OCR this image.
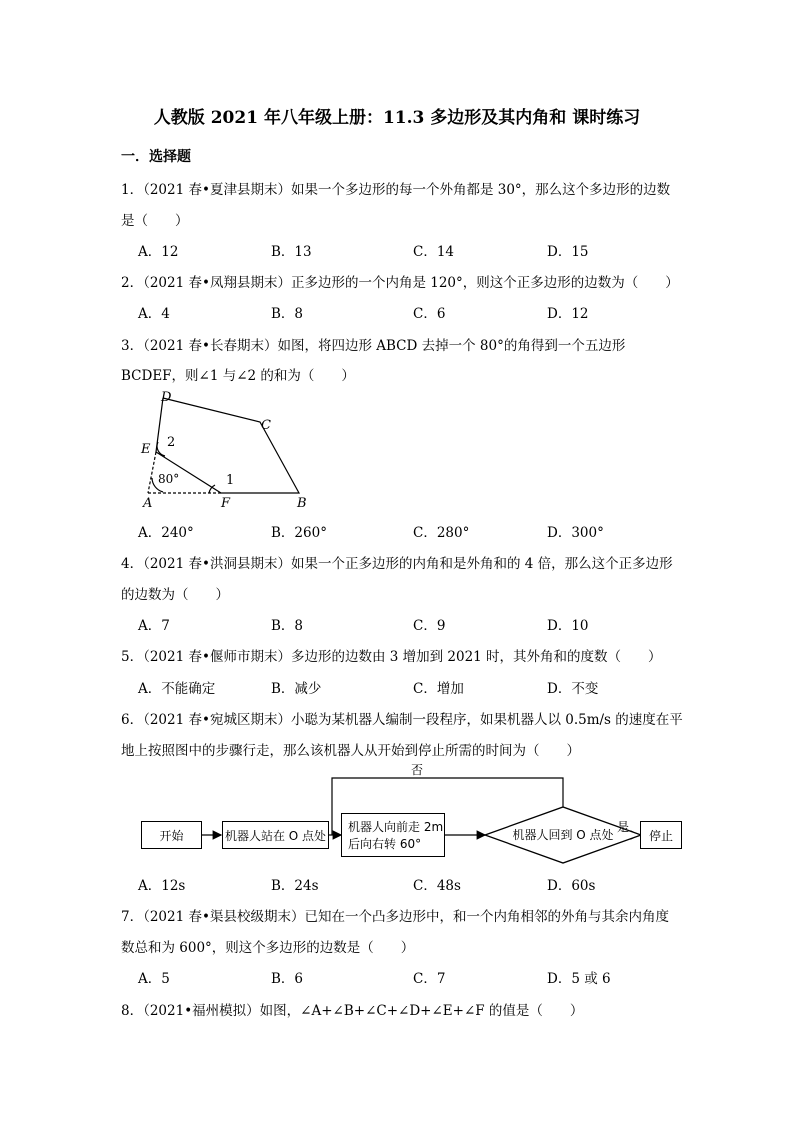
人教版 2021 年八年级上册：11.3 多边形及其内角和 课时练习
一．选择题
1．（2021 春•夏津县期末）如果一个多边形的每一个外角都是 30°，那么这个多边形的边数
是（　　）
A．12	B．13	C．14	D．15
2．（2021 春•凤翔县期末）正多边形的一个内角是 120°，则这个正多边形的边数为（　　）
A．4	B．8	C．6	D．12
3．（2021 春•长春期末）如图，将四边形 ABCD 去掉一个 80°的角得到一个五边形
BCDEF，则∠1 与∠2 的和为（　　）
D
C
E 2
80°	1
A	F	B
A．240°	B．260°	C．280°	D．300°
4．（2021 春•洪洞县期末）如果一个正多边形的内角和是外角和的 4 倍，那么这个正多边形
的边数为（　　）
A．7	B．8	C．9	D．10
5．（2021 春•偃师市期末）多边形的边数由 3 增加到 2021 时，其外角和的度数（　　）
A．不能确定	B．减少	C．增加	D．不变
6．（2021 春•宛城区期末）小聪为某机器人编制一段程序，如果机器人以 0.5m/s 的速度在平
地上按照图中的步骤行走，那么该机器人从开始到停止所需的时间为（　　）
否
是
机器人回到 O 点处
开始	机器人站在 O 点处
机器人向前走 2m
后向右转 60°
停止
A．12s	B．24s	C．48s	D．60s
7．（2021 春•渠县校级期末）已知在一个凸多边形中，和一个内角相邻的外角与其余内角度
数总和为 600°，则这个多边形的边数是（　　）
A．5	B．6	C．7	D．5 或 6
8．（2021•福州模拟）如图，∠A+∠B+∠C+∠D+∠E+∠F 的值是（　　）
